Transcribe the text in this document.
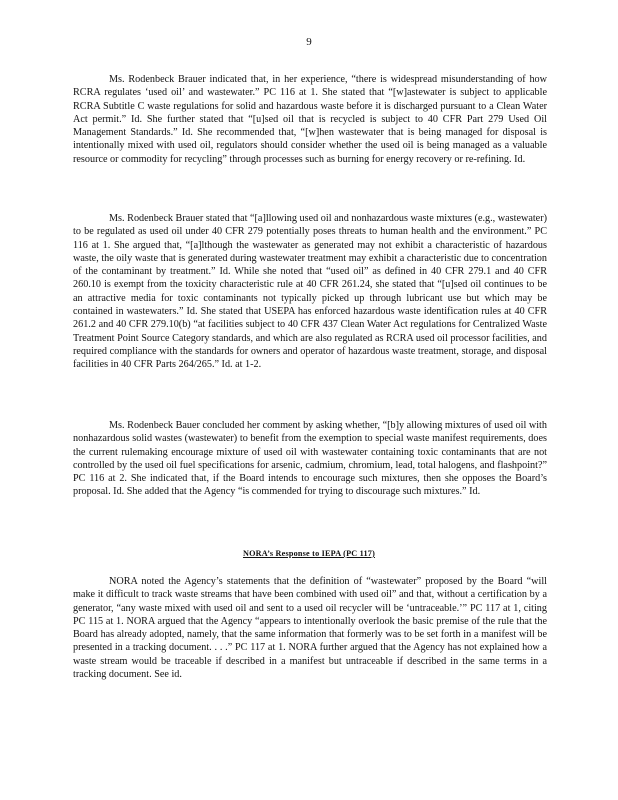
9

Ms. Rodenbeck Brauer indicated that, in her experience, “there is widespread misunderstanding of how RCRA regulates ‘used oil’ and wastewater.” PC 116 at 1. She stated that “[w]astewater is subject to applicable RCRA Subtitle C waste regulations for solid and hazardous waste before it is discharged pursuant to a Clean Water Act permit.” Id. She further stated that “[u]sed oil that is recycled is subject to 40 CFR Part 279 Used Oil Management Standards.” Id. She recommended that, “[w]hen wastewater that is being managed for disposal is intentionally mixed with used oil, regulators should consider whether the used oil is being managed as a valuable resource or commodity for recycling” through processes such as burning for energy recovery or re-refining. Id.

Ms. Rodenbeck Brauer stated that “[a]llowing used oil and nonhazardous waste mixtures (e.g., wastewater) to be regulated as used oil under 40 CFR 279 potentially poses threats to human health and the environment.” PC 116 at 1. She argued that, “[a]lthough the wastewater as generated may not exhibit a characteristic of hazardous waste, the oily waste that is generated during wastewater treatment may exhibit a characteristic due to concentration of the contaminant by treatment.” Id. While she noted that “used oil” as defined in 40 CFR 279.1 and 40 CFR 260.10 is exempt from the toxicity characteristic rule at 40 CFR 261.24, she stated that “[u]sed oil continues to be an attractive media for toxic contaminants not typically picked up through lubricant use but which may be contained in wastewaters.” Id. She stated that USEPA has enforced hazardous waste identification rules at 40 CFR 261.2 and 40 CFR 279.10(b) “at facilities subject to 40 CFR 437 Clean Water Act regulations for Centralized Waste Treatment Point Source Category standards, and which are also regulated as RCRA used oil processor facilities, and required compliance with the standards for owners and operator of hazardous waste treatment, storage, and disposal facilities in 40 CFR Parts 264/265.” Id. at 1-2.

Ms. Rodenbeck Bauer concluded her comment by asking whether, “[b]y allowing mixtures of used oil with nonhazardous solid wastes (wastewater) to benefit from the exemption to special waste manifest requirements, does the current rulemaking encourage mixture of used oil with wastewater containing toxic contaminants that are not controlled by the used oil fuel specifications for arsenic, cadmium, chromium, lead, total halogens, and flashpoint?” PC 116 at 2. She indicated that, if the Board intends to encourage such mixtures, then she opposes the Board’s proposal. Id. She added that the Agency “is commended for trying to discourage such mixtures.” Id.

NORA’s Response to IEPA (PC 117)

NORA noted the Agency’s statements that the definition of “wastewater” proposed by the Board “will make it difficult to track waste streams that have been combined with used oil” and that, without a certification by a generator, “any waste mixed with used oil and sent to a used oil recycler will be ‘untraceable.’” PC 117 at 1, citing PC 115 at 1. NORA argued that the Agency “appears to intentionally overlook the basic premise of the rule that the Board has already adopted, namely, that the same information that formerly was to be set forth in a manifest will be presented in a tracking document. . . .” PC 117 at 1. NORA further argued that the Agency has not explained how a waste stream would be traceable if described in a manifest but untraceable if described in the same terms in a tracking document. See id.
